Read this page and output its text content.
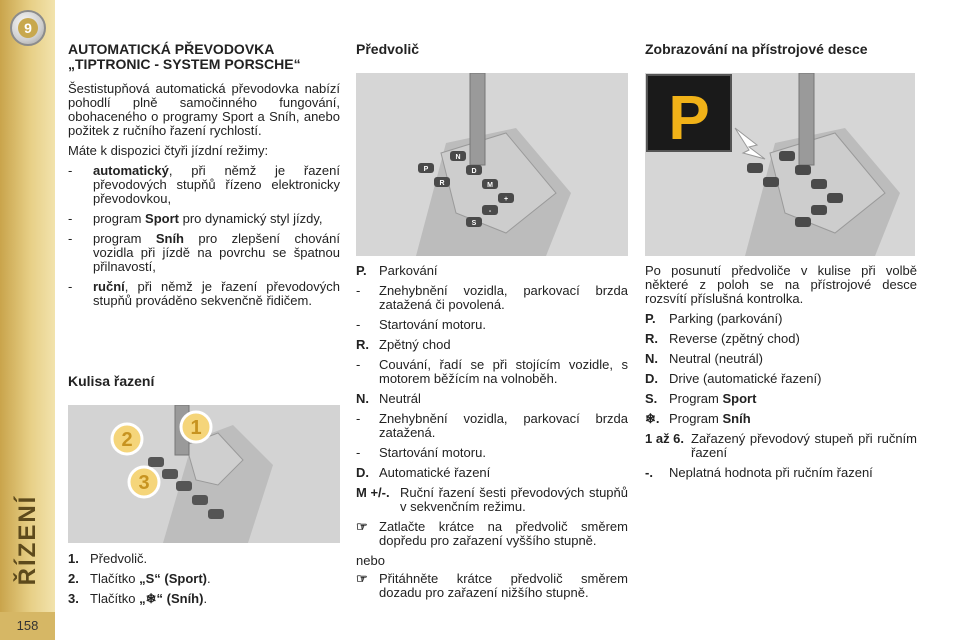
9
ŘÍZENÍ
158
AUTOMATICKÁ PŘEVODOVKA „TIPTRONIC - SYSTEM PORSCHE“

Šestistupňová automatická převodovka nabízí pohodlí plně samočinného fungování, obohaceného o programy Sport a Sníh, anebo požitek z ručního řazení rychlostí.

Máte k dispozici čtyři jízdní režimy:

-	automatický, při němž je řazení převodových stupňů řízeno elektronicky převodovkou,
-	program Sport pro dynamický styl jízdy,
-	program Sníh pro zlepšení chování vozidla při jízdě na povrchu se špatnou přilnavostí,
-	ruční, při němž je řazení převodových stupňů prováděno sekvenčně řidičem.
Kulisa řazení
1
2
3
1. Předvolič.
2. Tlačítko „S“ (Sport).
3. Tlačítko „❄“ (Sníh).
Předvolič
P
R
N
D
M
+
-
S
P. Parkování
-	Znehybnění vozidla, parkovací brzda zatažená či povolená.
-	Startování motoru.
R. Zpětný chod
-	Couvání, řadí se při stojícím vozidle, s motorem běžícím na volnoběh.
N. Neutrál
-	Znehybnění vozidla, parkovací brzda zatažená.
-	Startování motoru.
D. Automatické řazení
M +/-. Ruční řazení šesti převodových stupňů v sekvenčním režimu.
☞ Zatlačte krátce na předvolič směrem dopředu pro zařazení vyššího stupně.

nebo

☞ Přitáhněte krátce předvolič směrem dozadu pro zařazení nižšího stupně.
Zobrazování na přístrojové desce
P

Po posunutí předvoliče v kulise při volbě některé z poloh se na přístrojové desce rozsvítí příslušná kontrolka.

P.	Parking (parkování)
R. Reverse (zpětný chod)
N. Neutral (neutrál)
D. Drive (automatické řazení)
S. Program Sport
❄. Program Sníh
1 až 6. Zařazený převodový stupeň při ručním řazení
-.	Neplatná hodnota při ručním řazení
